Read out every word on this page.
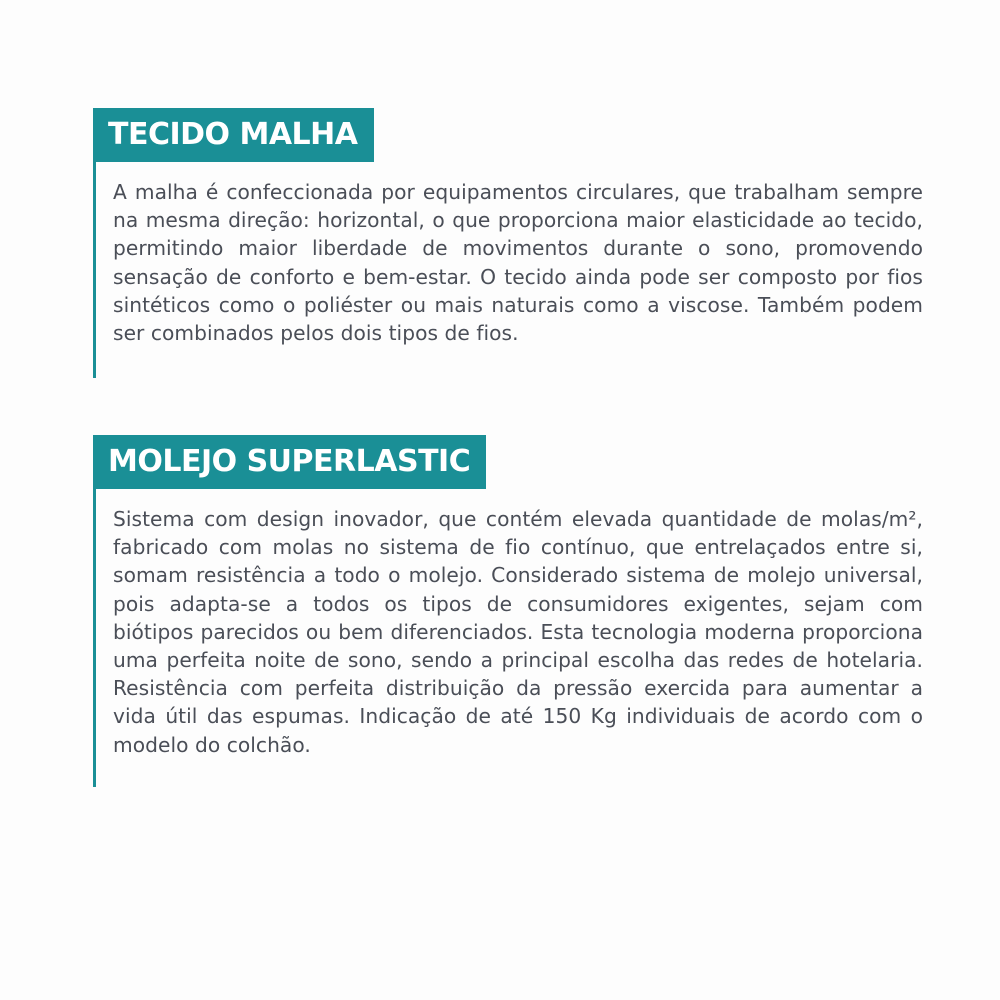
TECIDO MALHA
A malha é confeccionada por equipamentos circulares, que trabalham sempre na mesma direção: horizontal, o que proporciona maior elasticidade ao tecido, permitindo maior liberdade de movimentos durante o sono, promovendo sensação de conforto e bem-estar. O tecido ainda pode ser composto por fios sintéticos como o poliéster ou mais naturais como a viscose. Também podem ser combinados pelos dois tipos de fios.
MOLEJO SUPERLASTIC
Sistema com design inovador, que contém elevada quantidade de molas/m², fabricado com molas no sistema de fio contínuo, que entrelaçados entre si, somam resistência a todo o molejo. Considerado sistema de molejo universal, pois adapta-se a todos os tipos de consumidores exigentes, sejam com biótipos parecidos ou bem diferenciados. Esta tecnologia moderna proporciona uma perfeita noite de sono, sendo a principal escolha das redes de hotelaria. Resistência com perfeita distribuição da pressão exercida para aumentar a vida útil das espumas. Indicação de até 150 Kg individuais de acordo com o modelo do colchão.
